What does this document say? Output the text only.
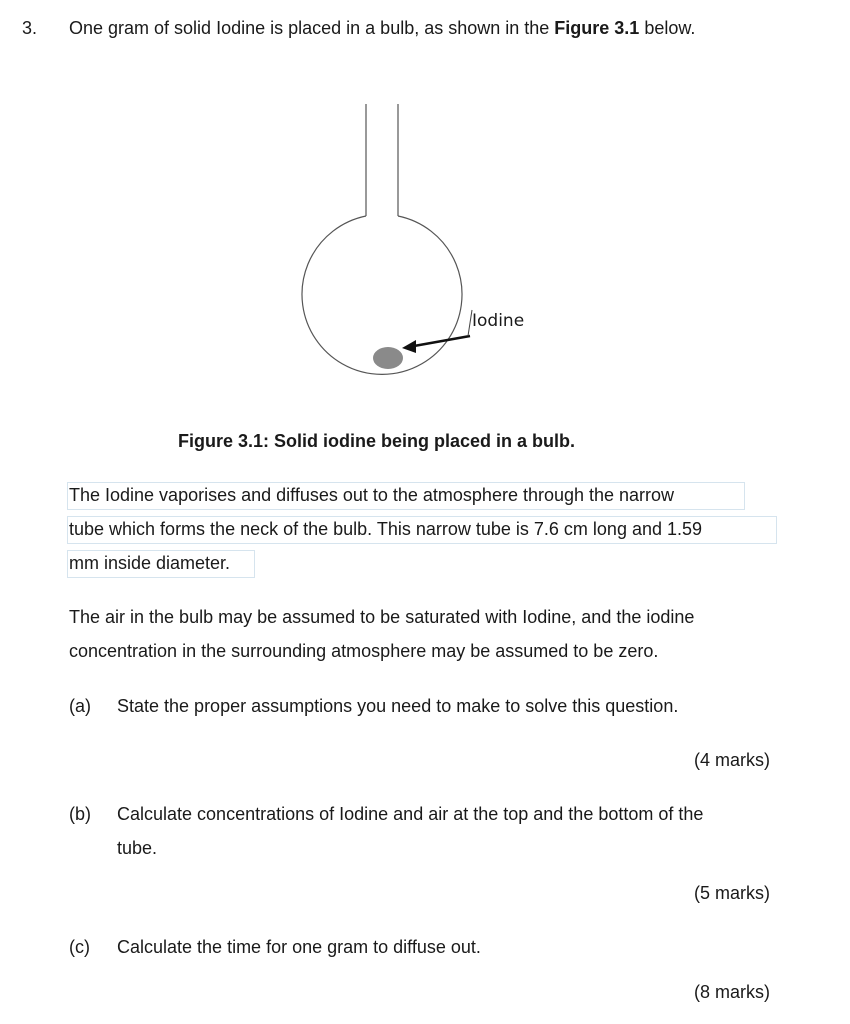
3. One gram of solid Iodine is placed in a bulb, as shown in the Figure 3.1 below.
Iodine
Figure 3.1: Solid iodine being placed in a bulb.
The Iodine vaporises and diffuses out to the atmosphere through the narrow
tube which forms the neck of the bulb. This narrow tube is 7.6 cm long and 1.59
mm inside diameter.
The air in the bulb may be assumed to be saturated with Iodine, and the iodine
concentration in the surrounding atmosphere may be assumed to be zero.
(a) State the proper assumptions you need to make to solve this question.
(4 marks)
(b) Calculate concentrations of Iodine and air at the top and the bottom of the
tube.
(5 marks)
(c) Calculate the time for one gram to diffuse out.
(8 marks)
